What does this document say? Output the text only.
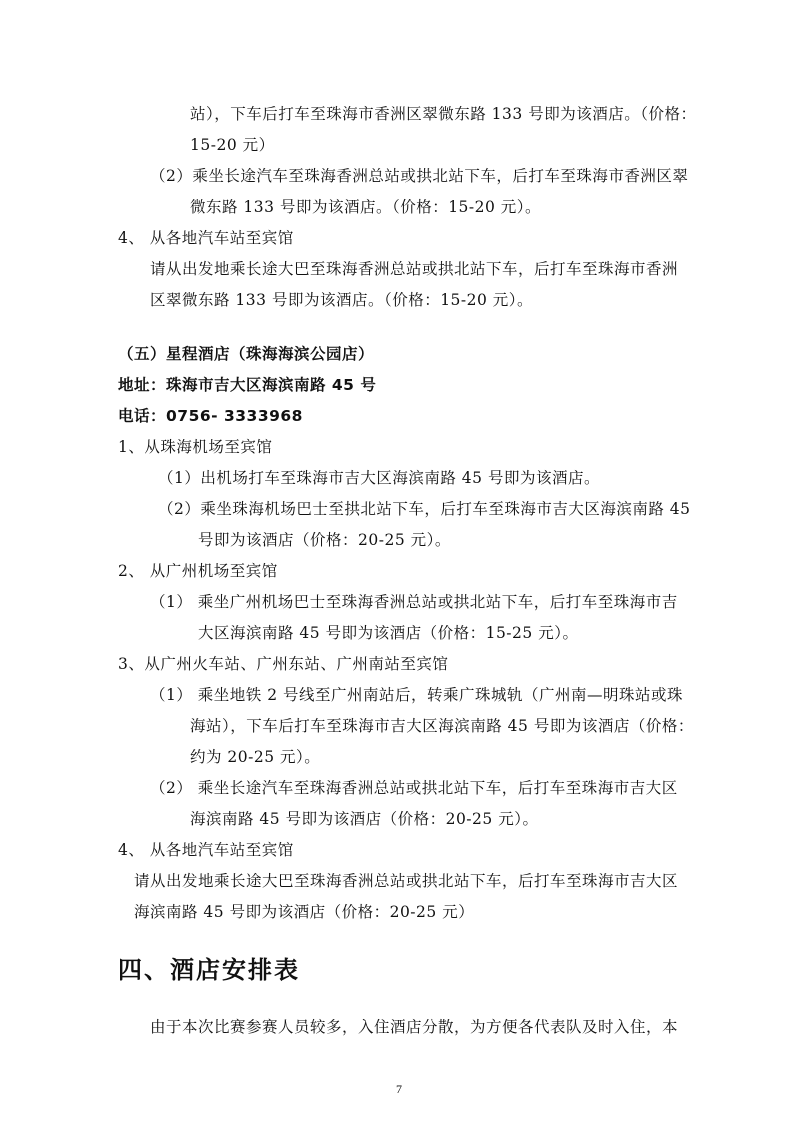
站），下车后打车至珠海市香洲区翠微东路 133 号即为该酒店。（价格：
15-20 元）
（2）乘坐长途汽车至珠海香洲总站或拱北站下车，后打车至珠海市香洲区翠
微东路 133 号即为该酒店。（价格：15-20 元）。
4、 从各地汽车站至宾馆
请从出发地乘长途大巴至珠海香洲总站或拱北站下车，后打车至珠海市香洲
区翠微东路 133 号即为该酒店。（价格：15-20 元）。
（五）星程酒店（珠海海滨公园店）
地址：珠海市吉大区海滨南路 45 号
电话：0756- 3333968
1、从珠海机场至宾馆
（1）出机场打车至珠海市吉大区海滨南路 45 号即为该酒店。
（2）乘坐珠海机场巴士至拱北站下车，后打车至珠海市吉大区海滨南路 45
号即为该酒店（价格：20-25 元）。
2、 从广州机场至宾馆
（1） 乘坐广州机场巴士至珠海香洲总站或拱北站下车，后打车至珠海市吉
大区海滨南路 45 号即为该酒店（价格：15-25 元）。
3、从广州火车站、广州东站、广州南站至宾馆
（1） 乘坐地铁 2 号线至广州南站后，转乘广珠城轨（广州南—明珠站或珠
海站），下车后打车至珠海市吉大区海滨南路 45 号即为该酒店（价格：
约为 20-25 元）。
（2） 乘坐长途汽车至珠海香洲总站或拱北站下车，后打车至珠海市吉大区
海滨南路 45 号即为该酒店（价格：20-25 元）。
4、 从各地汽车站至宾馆
请从出发地乘长途大巴至珠海香洲总站或拱北站下车，后打车至珠海市吉大区
海滨南路 45 号即为该酒店（价格：20-25 元）
四、酒店安排表
由于本次比赛参赛人员较多，入住酒店分散，为方便各代表队及时入住，本
7
